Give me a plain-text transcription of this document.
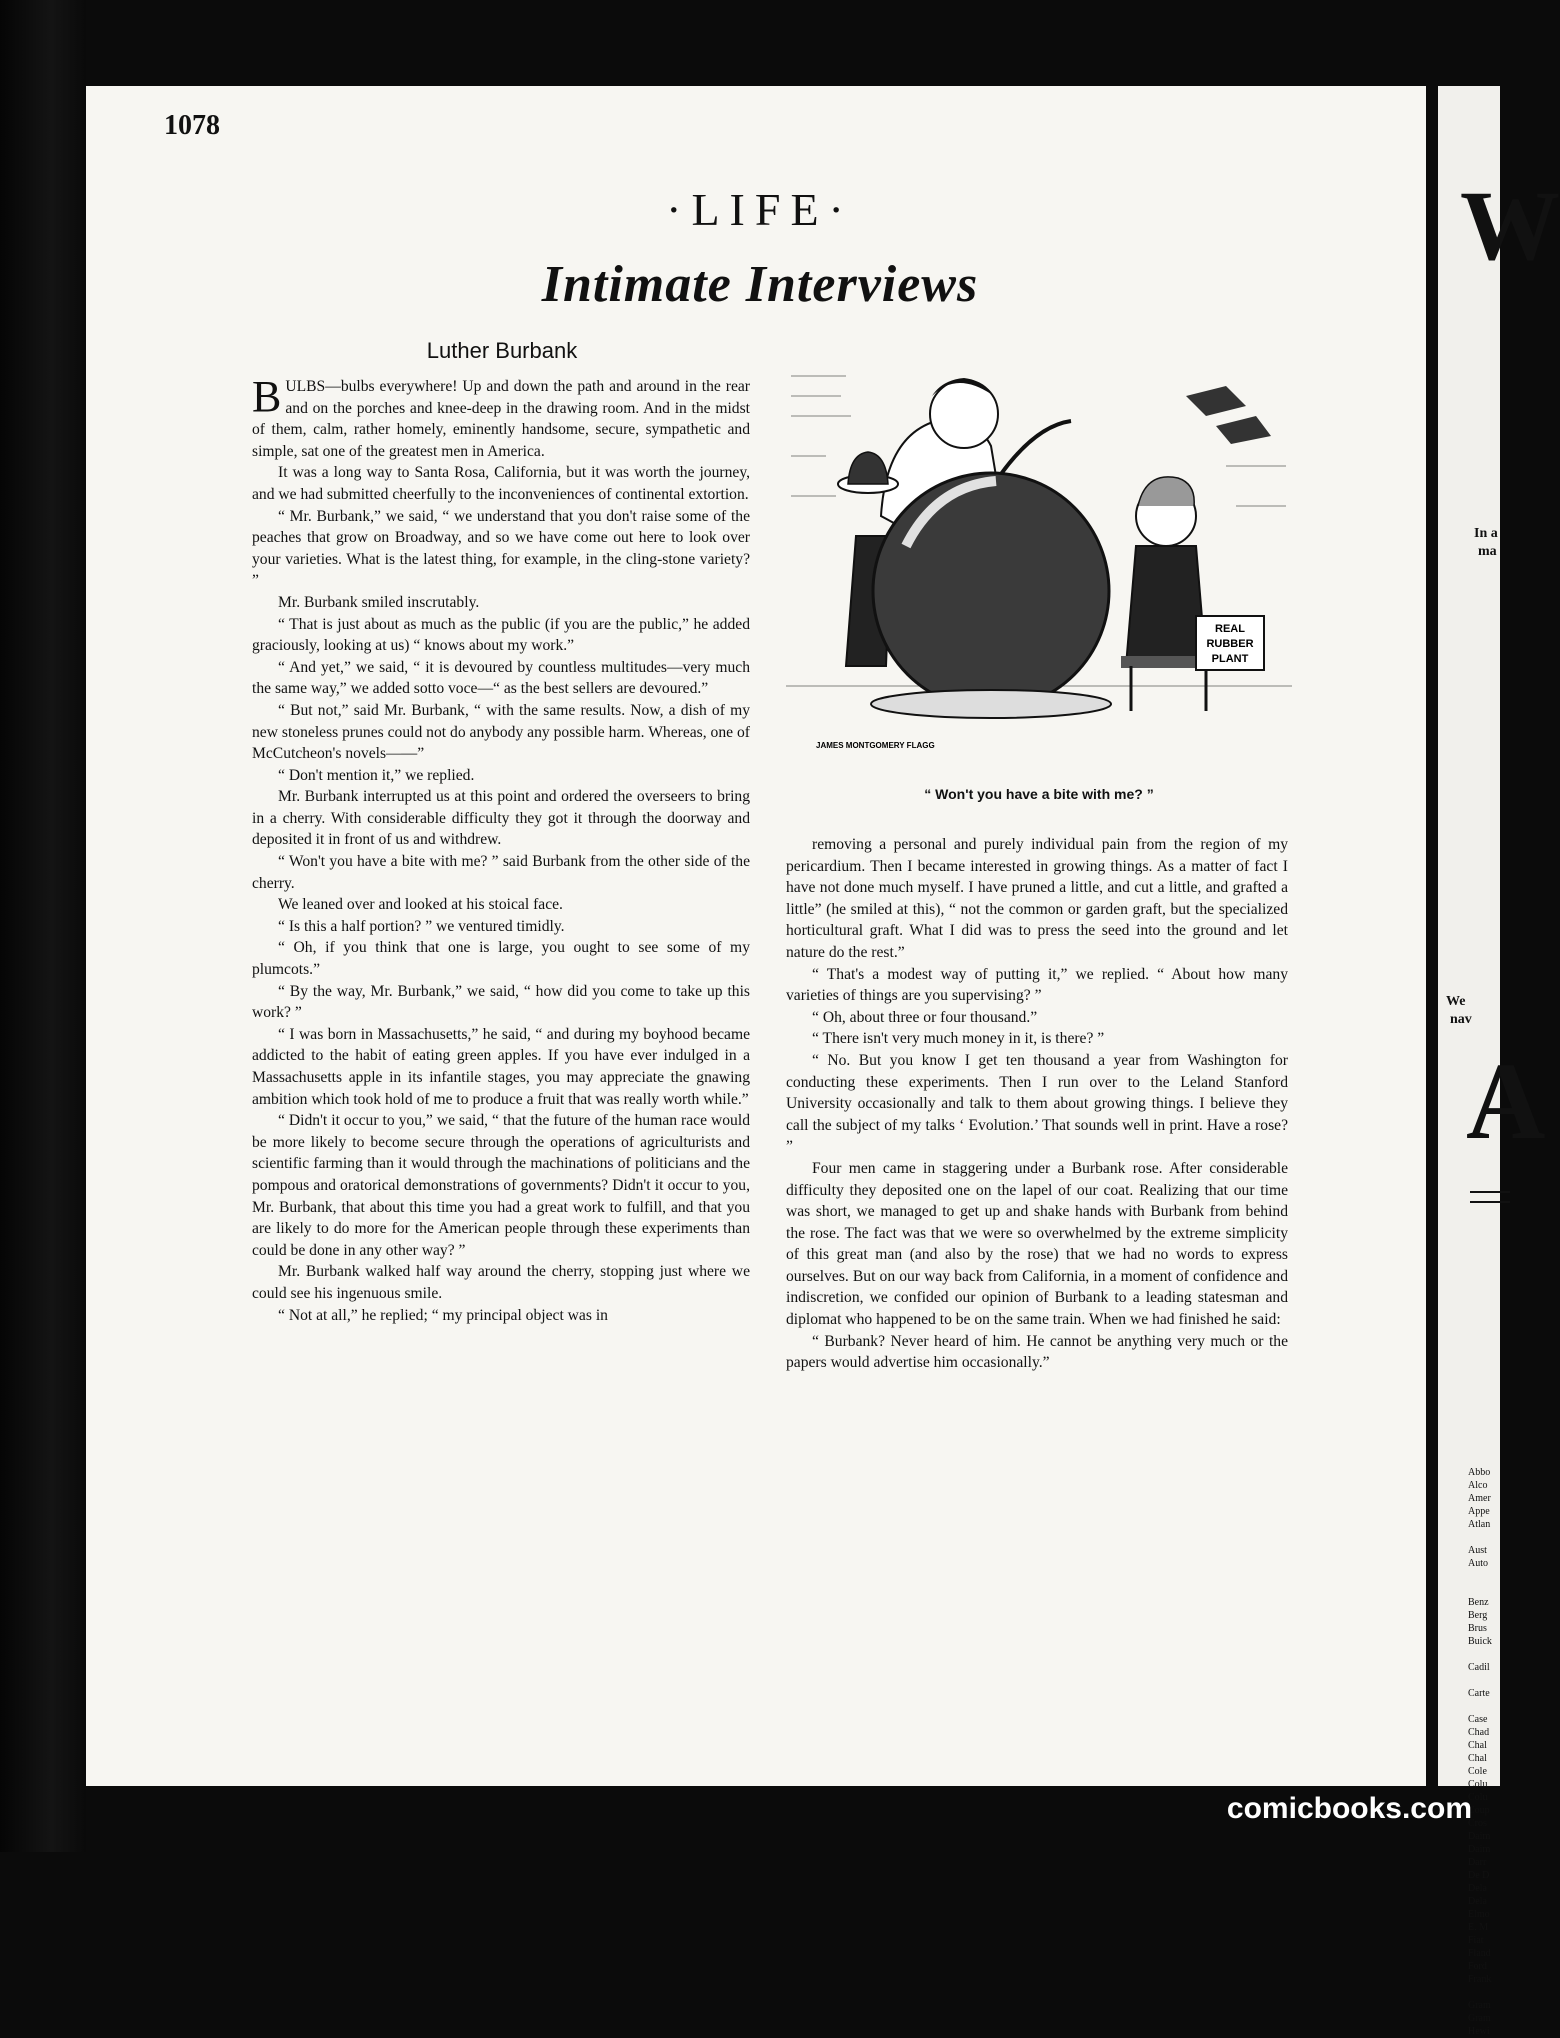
1078
·LIFE·
Intimate Interviews
Luther Burbank

BULBS—bulbs everywhere! Up and down the path and around in the rear and on the porches and knee-deep in the drawing room. And in the midst of them, calm, rather homely, eminently handsome, secure, sympathetic and simple, sat one of the greatest men in America.

It was a long way to Santa Rosa, California, but it was worth the journey, and we had submitted cheerfully to the inconveniences of continental extortion.

“ Mr. Burbank,” we said, “ we understand that you don't raise some of the peaches that grow on Broadway, and so we have come out here to look over your varieties. What is the latest thing, for example, in the cling-stone variety? ”

Mr. Burbank smiled inscrutably.

“ That is just about as much as the public (if you are the public,” he added graciously, looking at us) “ knows about my work.”

“ And yet,” we said, “ it is devoured by countless multitudes—very much the same way,” we added sotto voce—“ as the best sellers are devoured.”

“ But not,” said Mr. Burbank, “ with the same results. Now, a dish of my new stoneless prunes could not do anybody any possible harm. Whereas, one of McCutcheon's novels——”

“ Don't mention it,” we replied.

Mr. Burbank interrupted us at this point and ordered the overseers to bring in a cherry. With considerable difficulty they got it through the doorway and deposited it in front of us and withdrew.

“ Won't you have a bite with me? ” said Burbank from the other side of the cherry.

We leaned over and looked at his stoical face.

“ Is this a half portion? ” we ventured timidly.

“ Oh, if you think that one is large, you ought to see some of my plumcots.”

“ By the way, Mr. Burbank,” we said, “ how did you come to take up this work? ”

“ I was born in Massachusetts,” he said, “ and during my boyhood became addicted to the habit of eating green apples. If you have ever indulged in a Massachusetts apple in its infantile stages, you may appreciate the gnawing ambition which took hold of me to produce a fruit that was really worth while.”

“ Didn't it occur to you,” we said, “ that the future of the human race would be more likely to become secure through the operations of agriculturists and scientific farming than it would through the machinations of politicians and the pompous and oratorical demonstrations of governments? Didn't it occur to you, Mr. Burbank, that about this time you had a great work to fulfill, and that you are likely to do more for the American people through these experiments than could be done in any other way? ”

Mr. Burbank walked half way around the cherry, stopping just where we could see his ingenuous smile.

“ Not at all,” he replied; “ my principal object was in

REAL
RUBBER
PLANT
JAMES MONTGOMERY FLAGG
“ Won't you have a bite with me? ”

removing a personal and purely individual pain from the region of my pericardium. Then I became interested in growing things. As a matter of fact I have not done much myself. I have pruned a little, and cut a little, and grafted a little” (he smiled at this), “ not the common or garden graft, but the specialized horticultural graft. What I did was to press the seed into the ground and let nature do the rest.”

“ That's a modest way of putting it,” we replied. “ About how many varieties of things are you supervising? ”

“ Oh, about three or four thousand.”

“ There isn't very much money in it, is there? ”

“ No. But you know I get ten thousand a year from Washington for conducting these experiments. Then I run over to the Leland Stanford University occasionally and talk to them about growing things. I believe they call the subject of my talks ‘ Evolution.’ That sounds well in print. Have a rose? ”

Four men came in staggering under a Burbank rose. After considerable difficulty they deposited one on the lapel of our coat. Realizing that our time was short, we managed to get up and shake hands with Burbank from behind the rose. The fact was that we were so overwhelmed by the extreme simplicity of this great man (and also by the rose) that we had no words to express ourselves. But on our way back from California, in a moment of confidence and indiscretion, we confided our opinion of Burbank to a leading statesman and diplomat who happened to be on the same train. When we had finished he said:

“ Burbank? Never heard of him. He cannot be anything very much or the papers would advertise him occasionally.”

W
In a
ma
We
nav
A
Abbo
Alco
Amer
Appe
Atlan

Aust
Auto

Benz
Berg
Brus
Buick

Cadil

Carte

Case
Chad
Chal
Chal
Cole
Colu
Colu
Coup
Cros
Daim
Daim
Darr
De D
Dela
Dela
Elmo
E. M
Fiat
Fland
Ford
Frank

Gram
Gram
Hewi
comicbooks.com
